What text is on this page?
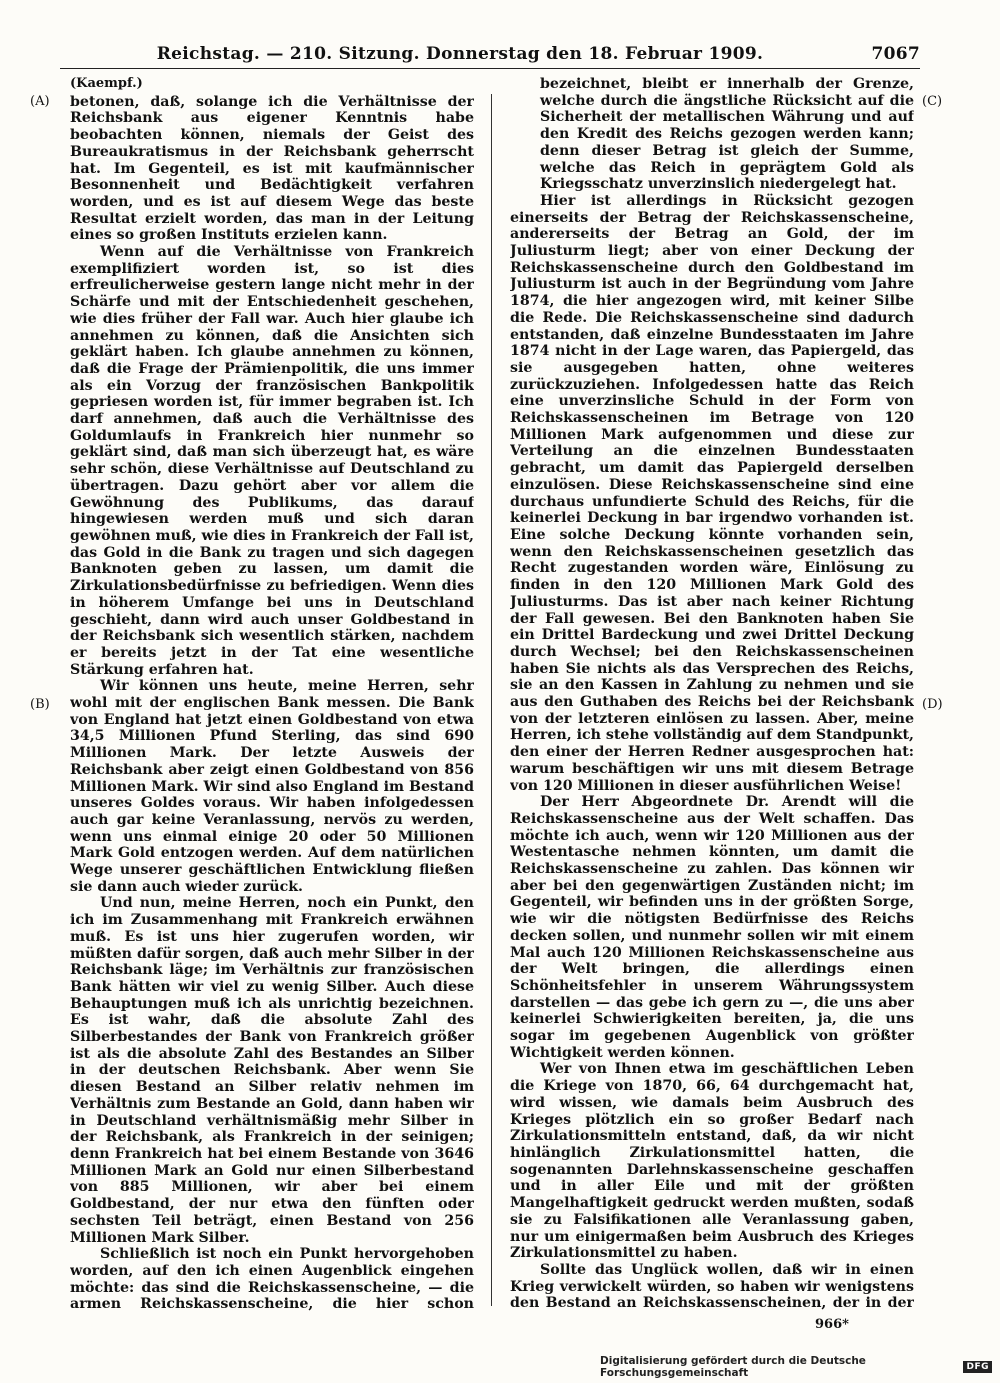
Reichstag. — 210. Sitzung. Donnerstag den 18. Februar 1909.	7067
(A)
(B)
(C)
(D)
(Kaempf.)

betonen, daß, solange ich die Verhältnisse der Reichsbank aus eigener Kenntnis habe beobachten können, niemals der Geist des Bureaukratismus in der Reichsbank geherrscht hat. Im Gegenteil, es ist mit kaufmännischer Besonnenheit und Bedächtigkeit verfahren worden, und es ist auf diesem Wege das beste Resultat erzielt worden, das man in der Leitung eines so großen Instituts erzielen kann.

Wenn auf die Verhältnisse von Frankreich exemplifiziert worden ist, so ist dies erfreulicherweise gestern lange nicht mehr in der Schärfe und mit der Entschiedenheit geschehen, wie dies früher der Fall war. Auch hier glaube ich annehmen zu können, daß die Ansichten sich geklärt haben. Ich glaube annehmen zu können, daß die Frage der Prämienpolitik, die uns immer als ein Vorzug der französischen Bankpolitik gepriesen worden ist, für immer begraben ist. Ich darf annehmen, daß auch die Verhältnisse des Goldumlaufs in Frankreich hier nunmehr so geklärt sind, daß man sich überzeugt hat, es wäre sehr schön, diese Verhältnisse auf Deutschland zu übertragen. Dazu gehört aber vor allem die Gewöhnung des Publikums, das darauf hingewiesen werden muß und sich daran gewöhnen muß, wie dies in Frankreich der Fall ist, das Gold in die Bank zu tragen und sich dagegen Banknoten geben zu lassen, um damit die Zirkulationsbedürfnisse zu befriedigen. Wenn dies in höherem Umfange bei uns in Deutschland geschieht, dann wird auch unser Goldbestand in der Reichsbank sich wesentlich stärken, nachdem er bereits jetzt in der Tat eine wesentliche Stärkung erfahren hat.

Wir können uns heute, meine Herren, sehr wohl mit der englischen Bank messen. Die Bank von England hat jetzt einen Goldbestand von etwa 34,5 Millionen Pfund Sterling, das sind 690 Millionen Mark. Der letzte Ausweis der Reichsbank aber zeigt einen Goldbestand von 856 Millionen Mark. Wir sind also England im Bestand unseres Goldes voraus. Wir haben infolgedessen auch gar keine Veranlassung, nervös zu werden, wenn uns einmal einige 20 oder 50 Millionen Mark Gold entzogen werden. Auf dem natürlichen Wege unserer geschäftlichen Entwicklung fließen sie dann auch wieder zurück.

Und nun, meine Herren, noch ein Punkt, den ich im Zusammenhang mit Frankreich erwähnen muß. Es ist uns hier zugerufen worden, wir müßten dafür sorgen, daß auch mehr Silber in der Reichsbank läge; im Verhältnis zur französischen Bank hätten wir viel zu wenig Silber. Auch diese Behauptungen muß ich als unrichtig bezeichnen. Es ist wahr, daß die absolute Zahl des Silberbestandes der Bank von Frankreich größer ist als die absolute Zahl des Bestandes an Silber in der deutschen Reichsbank. Aber wenn Sie diesen Bestand an Silber relativ nehmen im Verhältnis zum Bestande an Gold, dann haben wir in Deutschland verhältnismäßig mehr Silber in der Reichsbank, als Frankreich in der seinigen; denn Frankreich hat bei einem Bestande von 3646 Millionen Mark an Gold nur einen Silberbestand von 885 Millionen, wir aber bei einem Goldbestand, der nur etwa den fünften oder sechsten Teil beträgt, einen Bestand von 256 Millionen Mark Silber.

Schließlich ist noch ein Punkt hervorgehoben worden, auf den ich einen Augenblick eingehen möchte: das sind die Reichskassenscheine, — die armen Reichskassenscheine, die hier schon

bezeichnet, bleibt er innerhalb der Grenze, welche durch die ängstliche Rücksicht auf die Sicherheit der metallischen Währung und auf den Kredit des Reichs gezogen werden kann; denn dieser Betrag ist gleich der Summe, welche das Reich in geprägtem Gold als Kriegsschatz unverzinslich niedergelegt hat.

Hier ist allerdings in Rücksicht gezogen einerseits der Betrag der Reichskassenscheine, andererseits der Betrag an Gold, der im Juliusturm liegt; aber von einer Deckung der Reichskassenscheine durch den Goldbestand im Juliusturm ist auch in der Begründung vom Jahre 1874, die hier angezogen wird, mit keiner Silbe die Rede. Die Reichskassenscheine sind dadurch entstanden, daß einzelne Bundesstaaten im Jahre 1874 nicht in der Lage waren, das Papiergeld, das sie ausgegeben hatten, ohne weiteres zurückzuziehen. Infolgedessen hatte das Reich eine unverzinsliche Schuld in der Form von Reichskassenscheinen im Betrage von 120 Millionen Mark aufgenommen und diese zur Verteilung an die einzelnen Bundesstaaten gebracht, um damit das Papiergeld derselben einzulösen. Diese Reichskassenscheine sind eine durchaus unfundierte Schuld des Reichs, für die keinerlei Deckung in bar irgendwo vorhanden ist. Eine solche Deckung könnte vorhanden sein, wenn den Reichskassenscheinen gesetzlich das Recht zugestanden worden wäre, Einlösung zu finden in den 120 Millionen Mark Gold des Juliusturms. Das ist aber nach keiner Richtung der Fall gewesen. Bei den Banknoten haben Sie ein Drittel Bardeckung und zwei Drittel Deckung durch Wechsel; bei den Reichskassenscheinen haben Sie nichts als das Versprechen des Reichs, sie an den Kassen in Zahlung zu nehmen und sie aus den Guthaben des Reichs bei der Reichsbank von der letzteren einlösen zu lassen. Aber, meine Herren, ich stehe vollständig auf dem Standpunkt, den einer der Herren Redner ausgesprochen hat: warum beschäftigen wir uns mit diesem Betrage von 120 Millionen in dieser ausführlichen Weise!

Der Herr Abgeordnete Dr. Arendt will die Reichskassenscheine aus der Welt schaffen. Das möchte ich auch, wenn wir 120 Millionen aus der Westentasche nehmen könnten, um damit die Reichskassenscheine zu zahlen. Das können wir aber bei den gegenwärtigen Zuständen nicht; im Gegenteil, wir befinden uns in der größten Sorge, wie wir die nötigsten Bedürfnisse des Reichs decken sollen, und nunmehr sollen wir mit einem Mal auch 120 Millionen Reichskassenscheine aus der Welt bringen, die allerdings einen Schönheitsfehler in unserem Währungssystem darstellen — das gebe ich gern zu —, die uns aber keinerlei Schwierigkeiten bereiten, ja, die uns sogar im gegebenen Augenblick von größter Wichtigkeit werden können.

Wer von Ihnen etwa im geschäftlichen Leben die Kriege von 1870, 66, 64 durchgemacht hat, wird wissen, wie damals beim Ausbruch des Krieges plötzlich ein so großer Bedarf nach Zirkulationsmitteln entstand, daß, da wir nicht hinlänglich Zirkulationsmittel hatten, die sogenannten Darlehnskassenscheine geschaffen und in aller Eile und mit der größten Mangelhaftigkeit gedruckt werden mußten, sodaß sie zu Falsifikationen alle Veranlassung gaben, nur um einigermaßen beim Ausbruch des Krieges Zirkulationsmittel zu haben.

Sollte das Unglück wollen, daß wir in einen Krieg verwickelt würden, so haben wir wenigstens den Bestand an Reichskassenscheinen, der in der

966*
Digitalisierung gefördert durch die Deutsche Forschungsgemeinschaft	DFG
